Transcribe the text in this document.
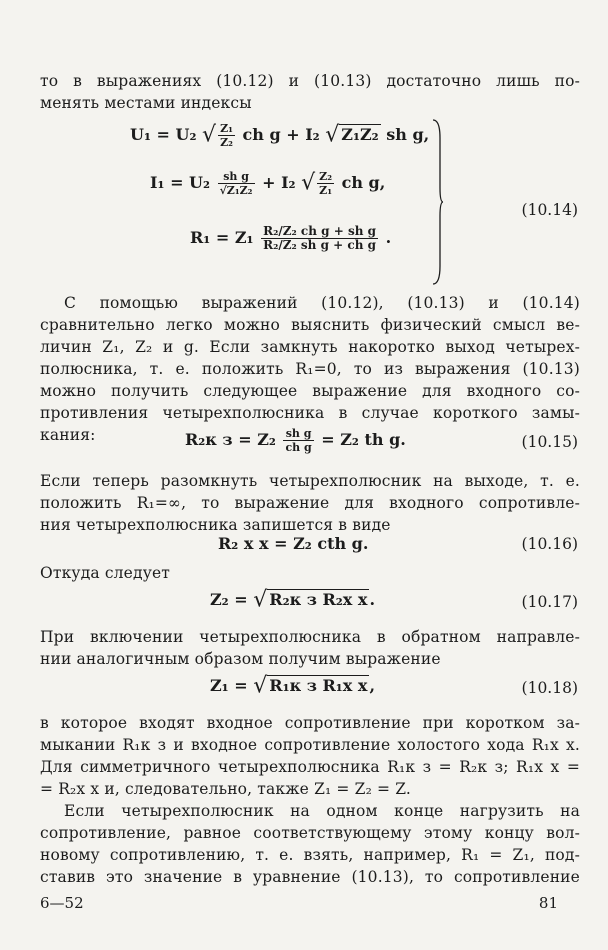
то в выражениях (10.12) и (10.13) достаточно лишь по-
менять местами индексы
U₁ = U₂ √ $\frac{\text{Z₁}}{\text{Z₂}}$ ch g + I₂ √ Z₁Z₂ sh g,
$I_1 = U_2 \frac{\text{sh g}}{\text{√Z₁Z₂}} + I_2$ √ $\frac{\text{Z₂}}{\text{Z₁}}$ ch g,
$R_1 = Z_1 \frac{\text{R₂/Z₂ ch g + sh g}}{\text{R₂/Z₂ sh g + ch g}}$ .
(10.14)
С помощью выражений (10.12), (10.13) и (10.14)
сравнительно легко можно выяснить физический смысл ве-
личин Z₁, Z₂ и g. Если замкнуть накоротко выход четырех-
полюсника, т. е. положить R₁=0, то из выражения (10.13)
можно получить следующее выражение для входного со-
противления четырехполюсника в случае короткого замы-
кания:	R₂к $з = Z_2 \frac{\text{sh g}}{\text{ch g}} = Z_2$ th g.	(10.15)
Если теперь разомкнуть четырехполюсник на выходе, т. е.
положить R₁=∞, то выражение для входного сопротивле-
ния четырехполюсника запишется в виде
R₂ х х = Z₂ cth g.	(10.16)
Откуда следует
Z₂ = √ R₂к з R₂х х .	(10.17)
При включении четырехполюсника в обратном направле-
нии аналогичным образом получим выражение
Z₁ = √ R₁к з R₁х х ,	(10.18)
в которое входят входное сопротивление при коротком за-
мыкании R₁к з и входное сопротивление холостого хода R₁х х.
Для симметричного четырехполюсника R₁к з = R₂к з; R₁х х =
= R₂х х и, следовательно, также Z₁ = Z₂ = Z.
Если четырехполюсник на одном конце нагрузить на
сопротивление, равное соответствующему этому концу вол-
новому сопротивлению, т. е. взять, например, R₁ = Z₁, под-
ставив это значение в уравнение (10.13), то сопротивление
6—52	81
